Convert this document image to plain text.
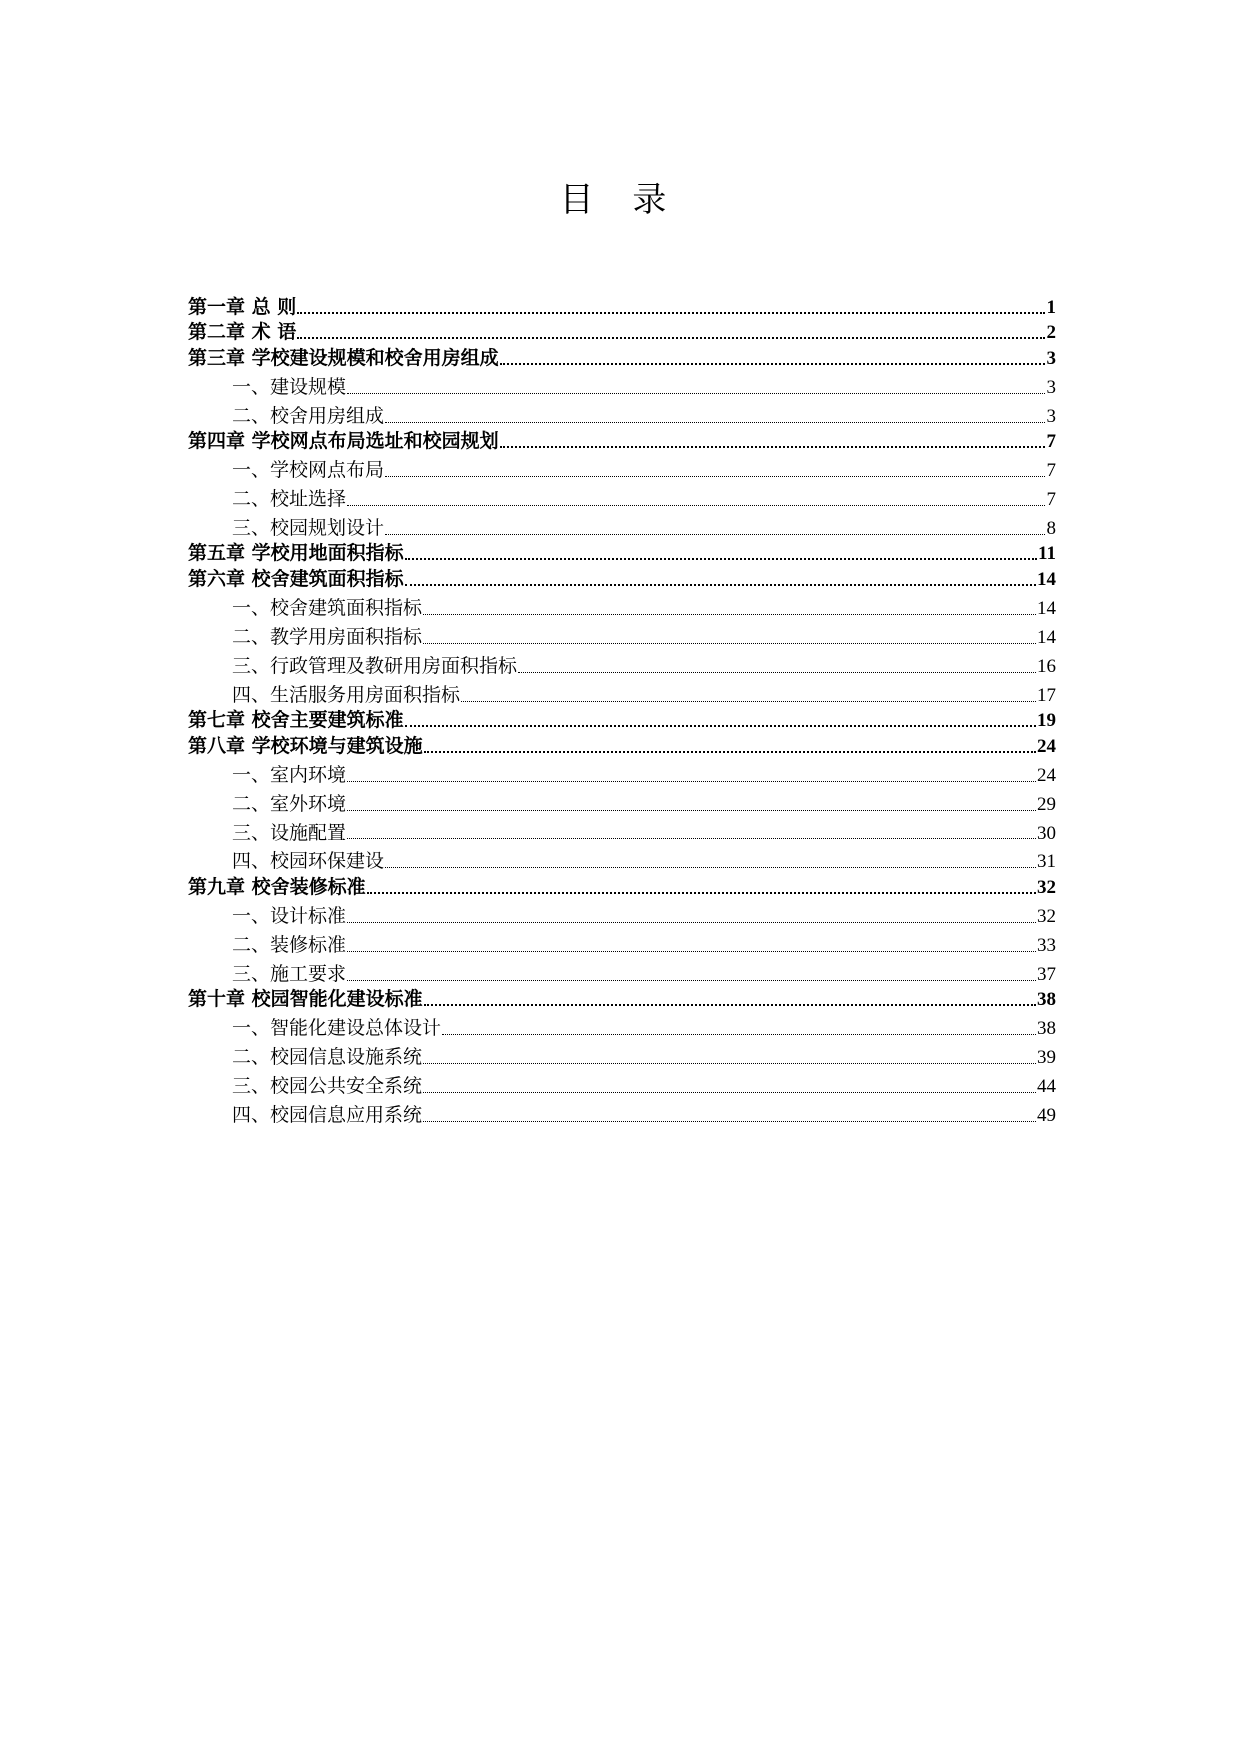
目 录
第一章 总 则	1
第二章 术 语	2
第三章 学校建设规模和校舍用房组成	3
一、建设规模	3
二、校舍用房组成	3
第四章 学校网点布局选址和校园规划	7
一、学校网点布局	7
二、校址选择	7
三、校园规划设计	8
第五章 学校用地面积指标	11
第六章 校舍建筑面积指标	14
一、校舍建筑面积指标	14
二、教学用房面积指标	14
三、行政管理及教研用房面积指标	16
四、生活服务用房面积指标	17
第七章 校舍主要建筑标准	19
第八章 学校环境与建筑设施	24
一、室内环境	24
二、室外环境	29
三、设施配置	30
四、校园环保建设	31
第九章 校舍装修标准	32
一、设计标准	32
二、装修标准	33
三、施工要求	37
第十章 校园智能化建设标准	38
一、智能化建设总体设计	38
二、校园信息设施系统	39
三、校园公共安全系统	44
四、校园信息应用系统	49
